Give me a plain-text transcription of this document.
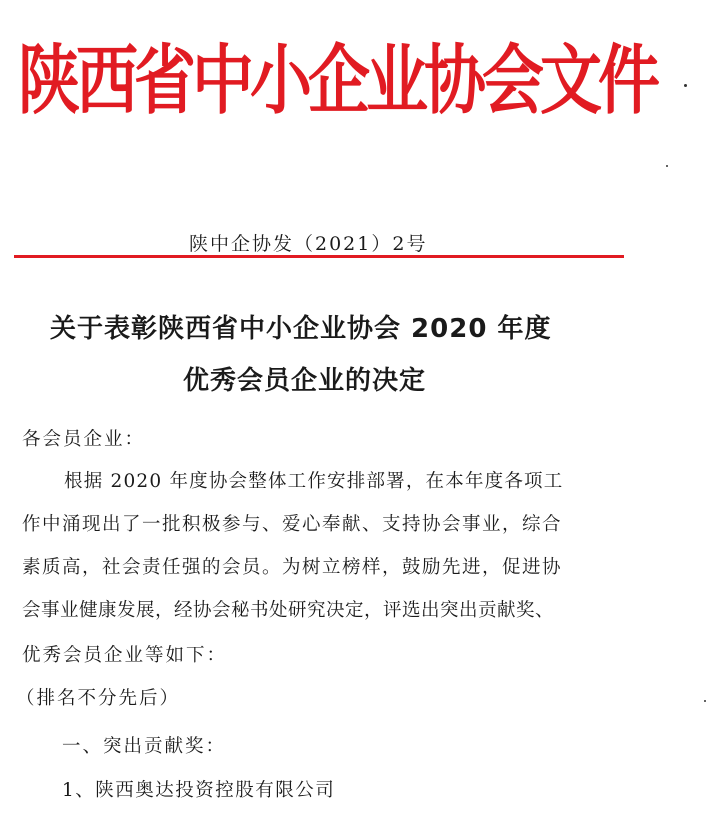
陕西省中小企业协会文件
陕中企协发（2021）2号
关于表彰陕西省中小企业协会 2020 年度
优秀会员企业的决定
各会员企业：
根据 2020 年度协会整体工作安排部署，在本年度各项工
作中涌现出了一批积极参与、爱心奉献、支持协会事业，综合
素质高，社会责任强的会员。为树立榜样，鼓励先进，促进协
会事业健康发展，经协会秘书处研究决定，评选出突出贡献奖、
优秀会员企业等如下：
（排名不分先后）
一、突出贡献奖：
1、陕西奥达投资控股有限公司
